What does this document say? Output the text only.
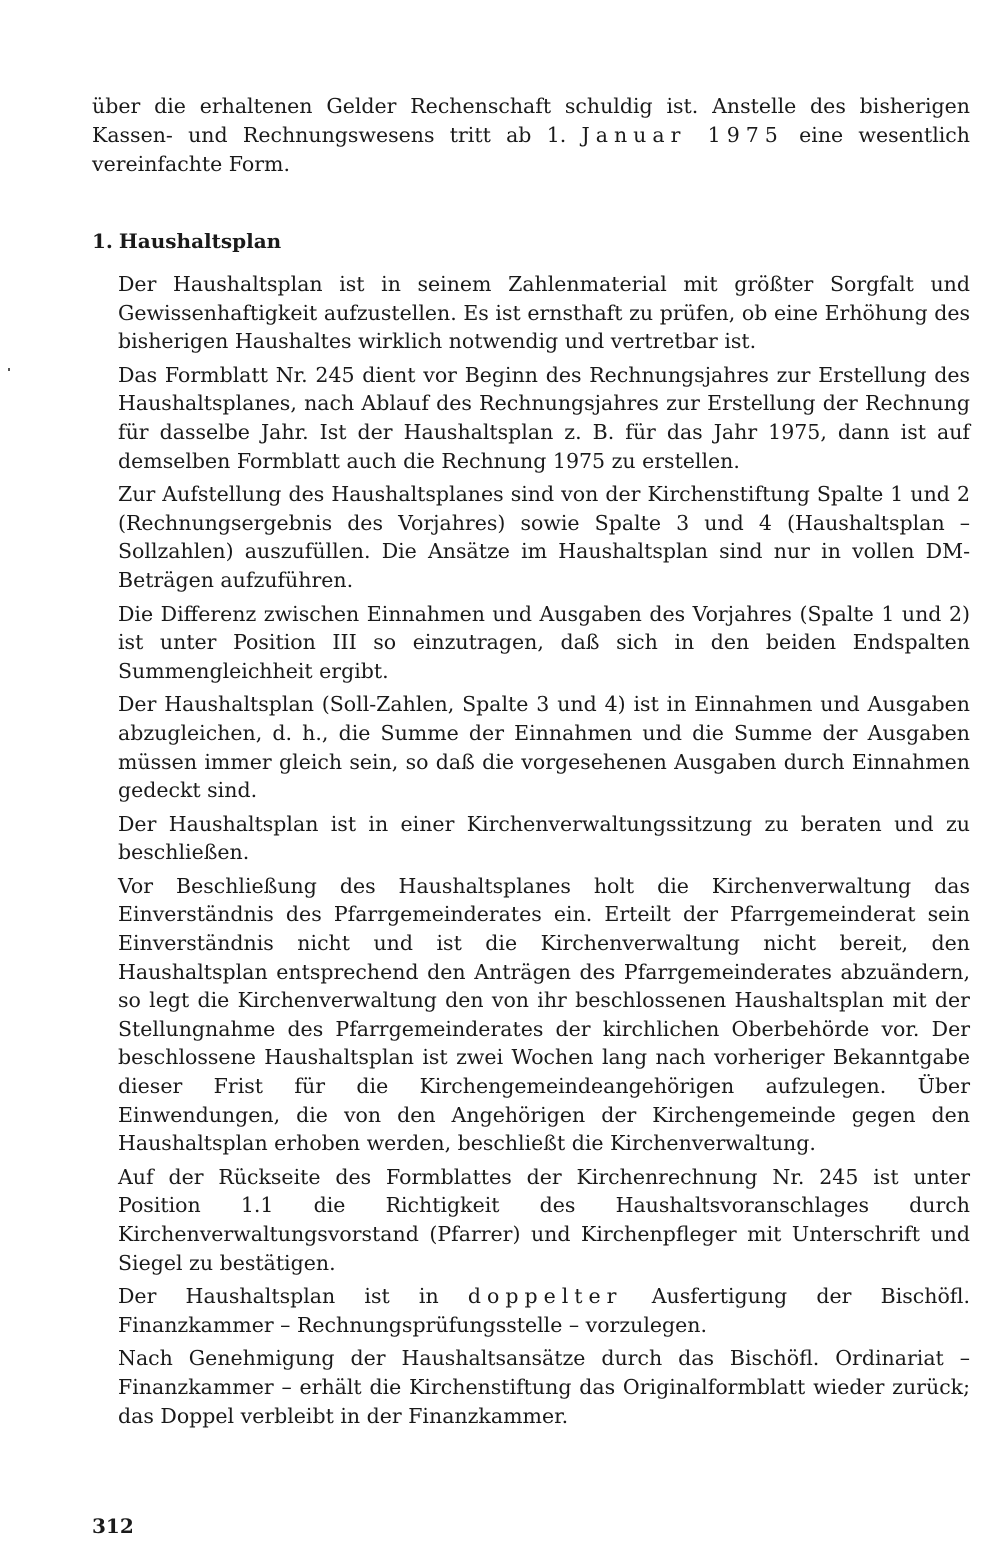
über die erhaltenen Gelder Rechenschaft schuldig ist. Anstelle des bisherigen Kassen- und Rechnungswesens tritt ab 1. Januar 1975 eine wesentlich vereinfachte Form.

1. Haushaltsplan

Der Haushaltsplan ist in seinem Zahlenmaterial mit größter Sorgfalt und Gewissenhaftigkeit aufzustellen. Es ist ernsthaft zu prüfen, ob eine Erhöhung des bisherigen Haushaltes wirklich notwendig und vertretbar ist.

Das Formblatt Nr. 245 dient vor Beginn des Rechnungsjahres zur Erstellung des Haushaltsplanes, nach Ablauf des Rechnungsjahres zur Erstellung der Rechnung für dasselbe Jahr. Ist der Haushaltsplan z. B. für das Jahr 1975, dann ist auf demselben Formblatt auch die Rechnung 1975 zu erstellen.

Zur Aufstellung des Haushaltsplanes sind von der Kirchenstiftung Spalte 1 und 2 (Rechnungsergebnis des Vorjahres) sowie Spalte 3 und 4 (Haushaltsplan – Sollzahlen) auszufüllen. Die Ansätze im Haushaltsplan sind nur in vollen DM-Beträgen aufzuführen.

Die Differenz zwischen Einnahmen und Ausgaben des Vorjahres (Spalte 1 und 2) ist unter Position III so einzutragen, daß sich in den beiden Endspalten Summengleichheit ergibt.

Der Haushaltsplan (Soll-Zahlen, Spalte 3 und 4) ist in Einnahmen und Ausgaben abzugleichen, d. h., die Summe der Einnahmen und die Summe der Ausgaben müssen immer gleich sein, so daß die vorgesehenen Ausgaben durch Einnahmen gedeckt sind.

Der Haushaltsplan ist in einer Kirchenverwaltungssitzung zu beraten und zu beschließen.

Vor Beschließung des Haushaltsplanes holt die Kirchenverwaltung das Einverständnis des Pfarrgemeinderates ein. Erteilt der Pfarrgemeinderat sein Einverständnis nicht und ist die Kirchenverwaltung nicht bereit, den Haushaltsplan entsprechend den Anträgen des Pfarrgemeinderates abzuändern, so legt die Kirchenverwaltung den von ihr beschlossenen Haushaltsplan mit der Stellungnahme des Pfarrgemeinderates der kirchlichen Oberbehörde vor. Der beschlossene Haushaltsplan ist zwei Wochen lang nach vorheriger Bekanntgabe dieser Frist für die Kirchengemeindeangehörigen aufzulegen. Über Einwendungen, die von den Angehörigen der Kirchengemeinde gegen den Haushaltsplan erhoben werden, beschließt die Kirchenverwaltung.

Auf der Rückseite des Formblattes der Kirchenrechnung Nr. 245 ist unter Position 1.1 die Richtigkeit des Haushaltsvoranschlages durch Kirchenverwaltungsvorstand (Pfarrer) und Kirchenpfleger mit Unterschrift und Siegel zu bestätigen.

Der Haushaltsplan ist in doppelter Ausfertigung der Bischöfl. Finanzkammer – Rechnungsprüfungsstelle – vorzulegen.

Nach Genehmigung der Haushaltsansätze durch das Bischöfl. Ordinariat – Finanzkammer – erhält die Kirchenstiftung das Originalformblatt wieder zurück; das Doppel verbleibt in der Finanzkammer.

312
